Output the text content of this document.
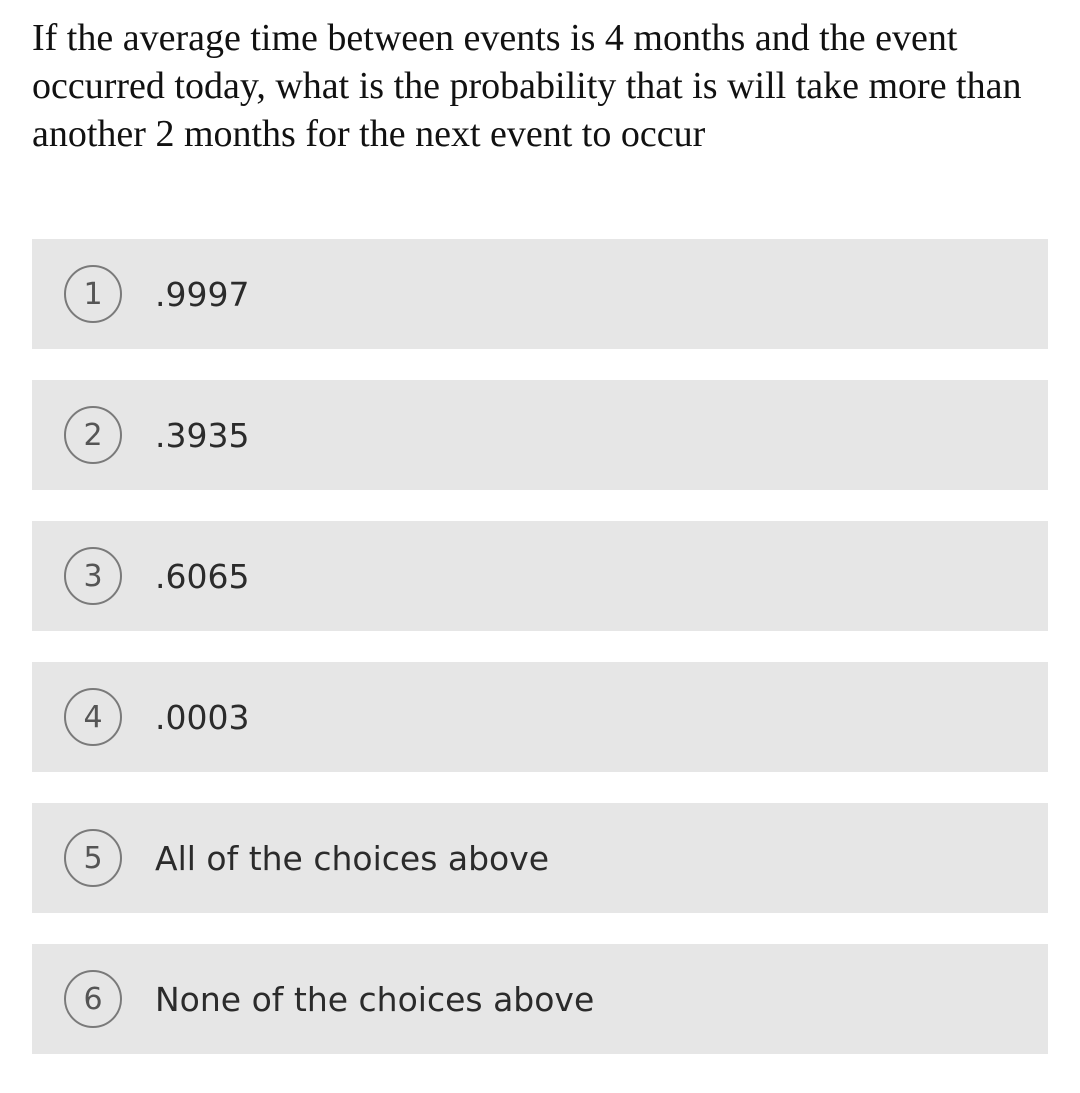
If the average time between events is 4 months and the event occurred today, what is the probability that is will take more than another 2 months for the next event to occur

1	.9997
2	.3935
3	.6065
4	.0003
5	All of the choices above
6	None of the choices above
